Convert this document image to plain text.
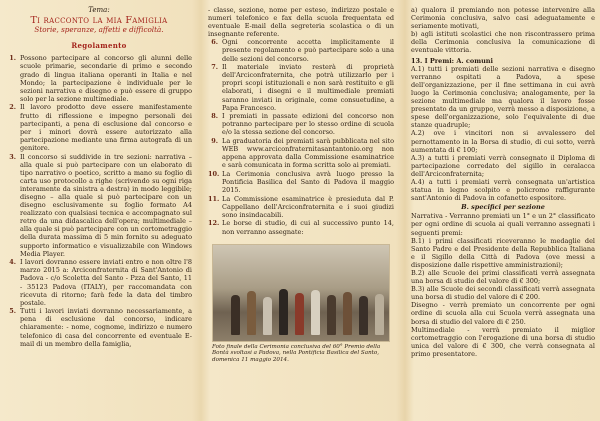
Tema:
Ti racconto la mia Famiglia
Storie, speranze, affetti e difficoltà.
Regolamento
1. Possono partecipare al concorso gli alunni delle scuole primarie, secondarie di primo e secondo grado di lingua italiana operanti in Italia e nel Mondo; la partecipazione è individuale per le sezioni narrativa e disegno e può essere di gruppo solo per la sezione multimediale.
2. Il lavoro prodotto deve essere manifestamente frutto di riflessione e impegno personali dei partecipanti, a pena di esclusione dal concorso e per i minori dovrà essere autorizzato alla partecipazione mediante una firma autografa di un genitore.
3. Il concorso si suddivide in tre sezioni: narrativa – alla quale si può partecipare con un elaborato di tipo narrativo o poetico, scritto a mano su foglio di carta uso protocollo a righe (scrivendo su ogni riga interamente da sinistra a destra) in modo leggibile; disegno – alla quale si può partecipare con un disegno esclusivamente su foglio formato A4 realizzato con qualsiasi tecnica e accompagnato sul retro da una didascalica dell'opera; multimediale – alla quale si può partecipare con un cortometraggio della durata massima di 5 min fornito su adeguato supporto informatico e visualizzabile con Windows Media Player.
4. I lavori dovranno essere inviati entro e non oltre l'8 marzo 2015 a: Arciconfraternita di Sant'Antonio di Padova - c/o Scoletta del Santo - Pzza del Santo, 11 - 35123 Padova (ITALY), per raccomandata con ricevuta di ritorno; farà fede la data del timbro postale.
5. Tutti i lavori inviati dovranno necessariamente, a pena di esclusione dal concorso, indicare chiaramente: - nome, cognome, indirizzo e numero telefonico di casa del concorrente ed eventuale E-mail di un membro della famiglia,
- classe, sezione, nome per esteso, indirizzo postale e numeri telefonico e fax della scuola frequentata ed eventuale E-mail della segreteria scolastica o di un insegnante referente.
6. Ogni concorrente accetta implicitamente il presente regolamento e può partecipare solo a una delle sezioni del concorso.
7. Il materiale inviato resterà di proprietà dell'Arciconfraternita, che potrà utilizzarlo per i propri scopi istituzionali e non sarà restituito e gli elaborati, i disegni e il multimediale premiati saranno inviati in originale, come consuetudine, a Papa Francesco.
8. I premiati in passate edizioni del concorso non potranno partecipare per lo stesso ordine di scuola e/o la stessa sezione del concorso.
9. La graduatoria dei premiati sarà pubblicata nel sito WEB www.arciconfraternitasantantonio.org non appena approvata dalla Commissione esaminatrice e sarà comunicata in forma scritta solo ai premiati.
10. La Cerimonia conclusiva avrà luogo presso la Pontificia Basilica del Santo di Padova il maggio 2015.
11. La Commissione esaminatrice è presieduta dal P. Cappellano dell'Arciconfraternita e i suoi giudizi sono insindacabili.
12. Le borse di studio, di cui al successivo punto 14, non verranno assegnate:
Foto finale della Cerimonia conclusiva del 60° Premio della Bontà svoltasi a Padova, nella Pontificia Basilica del Santo, domenica 11 maggio 2014.
a) qualora il premiando non potesse intervenire alla Cerimonia conclusiva, salvo casi adeguatamente e seriamente motivati,
b) agli istituti scolastici che non riscontrassero prima della Cerimonia conclusiva la comunicazione di eventuale vittoria.
13. I Premi: A. comuni
A.1) tutti i premiati delle sezioni narrativa e disegno verranno ospitati a Padova, a spese dell'organizzazione, per il fine settimana in cui avrà luogo la Cerimonia conclusiva; analogamente, per la sezione multimediale ma qualora il lavoro fosse presentato da un gruppo, verrà messo a disposizione, a spese dell'organizzazione, solo l'equivalente di due stanze quadruple;
A.2) ove i vincitori non si avvalessero del pernottamento in la Borsa di studio, di cui sotto, verrà aumentata di € 100;
A.3) a tutti i premiati verrà consegnato il Diploma di partecipazione corredato del sigillo in ceralacca dell'Arciconfraternita;
A.4) a tutti i premiati verrà consegnata un'artistica statua in legno scolpito e policromo raffigurante sant'Antonio di Padova in cofanetto espositore.
B. specifici per sezione
Narrativa - Verranno premiati un 1° e un 2° classificato per ogni ordine di scuola ai quali verranno assegnati i seguenti premi:
B.1) i primi classificati riceveranno le medaglie del Santo Padre e del Presidente della Repubblica Italiana e il Sigillo della Città di Padova (ove messi a disposizione dalle rispettive amministrazioni);
B.2) alle Scuole dei primi classificati verrà assegnata una borsa di studio del valore di € 300;
B.3) alle Scuole dei secondi classificati verrà assegnata una borsa di studio del valore di € 200.
Disegno - verrà premiato un concorrente per ogni ordine di scuola alla cui Scuola verrà assegnata una borsa di studio del valore di € 250.
Multimediale - verrà premiato il miglior cortometraggio con l'erogazione di una borsa di studio unica del valore di € 300, che verrà consegnata al primo presentatore.
